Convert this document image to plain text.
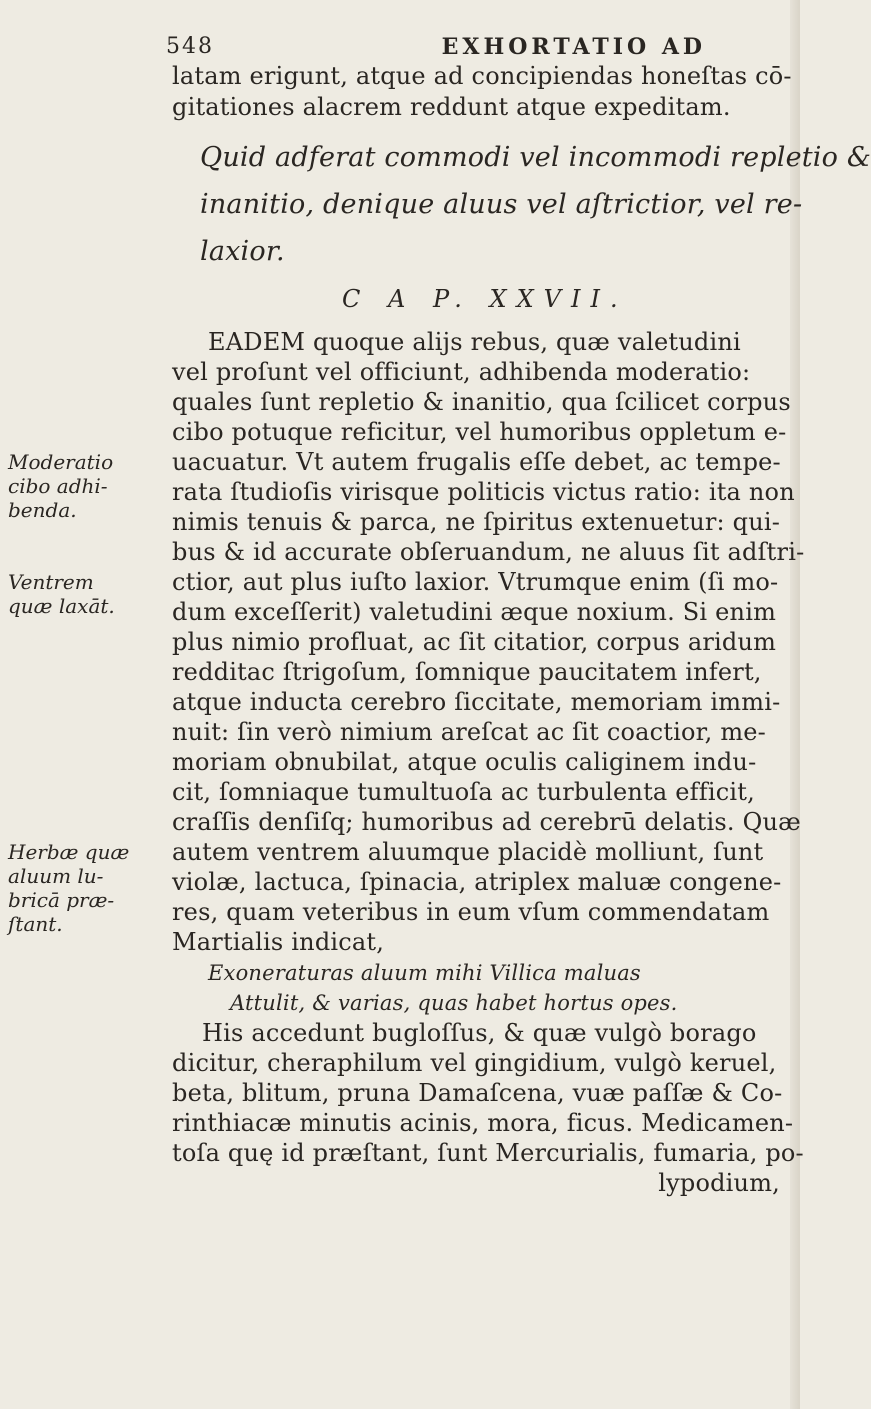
548	EXHORTATIO AD
latam erigunt, atque ad concipiendas honeſtas cō-
gitationes alacrem reddunt atque expeditam.
Quid adferat commodi vel incommodi repletio &
inanitio, denique aluus vel aſtrictior, vel re-
laxior.
C A P. XXVII.
EADEM quoque alijs rebus, quæ valetudini
vel proſunt vel officiunt, adhibenda moderatio:
quales ſunt repletio & inanitio, qua ſcilicet corpus
cibo potuque reficitur, vel humoribus oppletum e-
uacuatur. Vt autem frugalis eſſe debet, ac tempe-
rata ſtudioſis virisque politicis victus ratio: ita non
nimis tenuis & parca, ne ſpiritus extenuetur: qui-
bus & id accurate obſeruandum, ne aluus ſit adſtri-
ctior, aut plus iuſto laxior. Vtrumque enim (ſi mo-
dum exceſſerit) valetudini æque noxium. Si enim
plus nimio profluat, ac ſit citatior, corpus aridum
redditac ſtrigoſum, ſomnique paucitatem infert,
atque inducta cerebro ſiccitate, memoriam immi-
nuit: ſin verò nimium areſcat ac ſit coactior, me-
moriam obnubilat, atque oculis caliginem indu-
cit, ſomniaque tumultuoſa ac turbulenta efficit,
craſſis denſiſq; humoribus ad cerebrū delatis. Quæ
autem ventrem aluumque placidè molliunt, ſunt
violæ, lactuca, ſpinacia, atriplex maluæ congene-
res, quam veteribus in eum vſum commendatam
Martialis indicat,
Exoneraturas aluum mihi Villica maluas
Attulit, & varias, quas habet hortus opes.
His accedunt bugloſſus, & quæ vulgò borago
dicitur, cheraphilum vel gingidium, vulgò keruel,
beta, blitum, pruna Damaſcena, vuæ paſſæ & Co-
rinthiacæ minutis acinis, mora, ficus. Medicamen-
toſa quę id præſtant, ſunt Mercurialis, fumaria, po-
lypodium,
Moderatio
cibo adhi-
benda.
Ventrem
quæ laxāt.
Herbæ quæ
aluum lu-
bricā præ-
ſtant.
